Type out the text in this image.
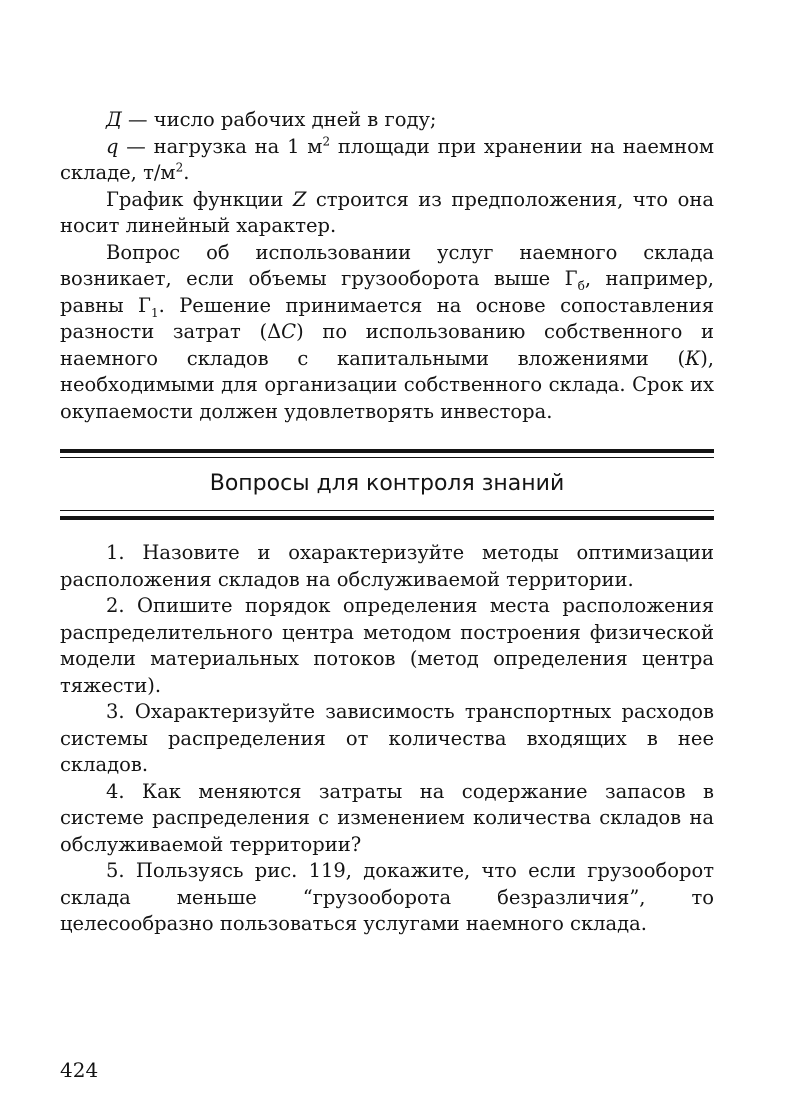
Д — число рабочих дней в году;

q — нагрузка на 1 $м^2$ площади при хранении на наемном складе, $т/м^2$.

График функции Z строится из предположения, что она носит линейный характер.

Вопрос об использовании услуг наемного склада возникает, если объемы грузооборота выше $Г_б$, например, равны $Г_1$. Решение принимается на основе сопоставления разности затрат (ΔС) по использованию собственного и наемного складов с капитальными вложениями (К), необходимыми для организации собственного склада. Срок их окупаемости должен удовлетворять инвестора.

Вопросы для контроля знаний

1. Назовите и охарактеризуйте методы оптимизации расположения складов на обслуживаемой территории.

2. Опишите порядок определения места расположения распределительного центра методом построения физической модели материальных потоков (метод определения центра тяжести).

3. Охарактеризуйте зависимость транспортных расходов системы распределения от количества входящих в нее складов.

4. Как меняются затраты на содержание запасов в системе распределения с изменением количества складов на обслуживаемой территории?

5. Пользуясь рис. 119, докажите, что если грузооборот склада меньше “грузооборота безразличия”, то целесообразно пользоваться услугами наемного склада.

424
